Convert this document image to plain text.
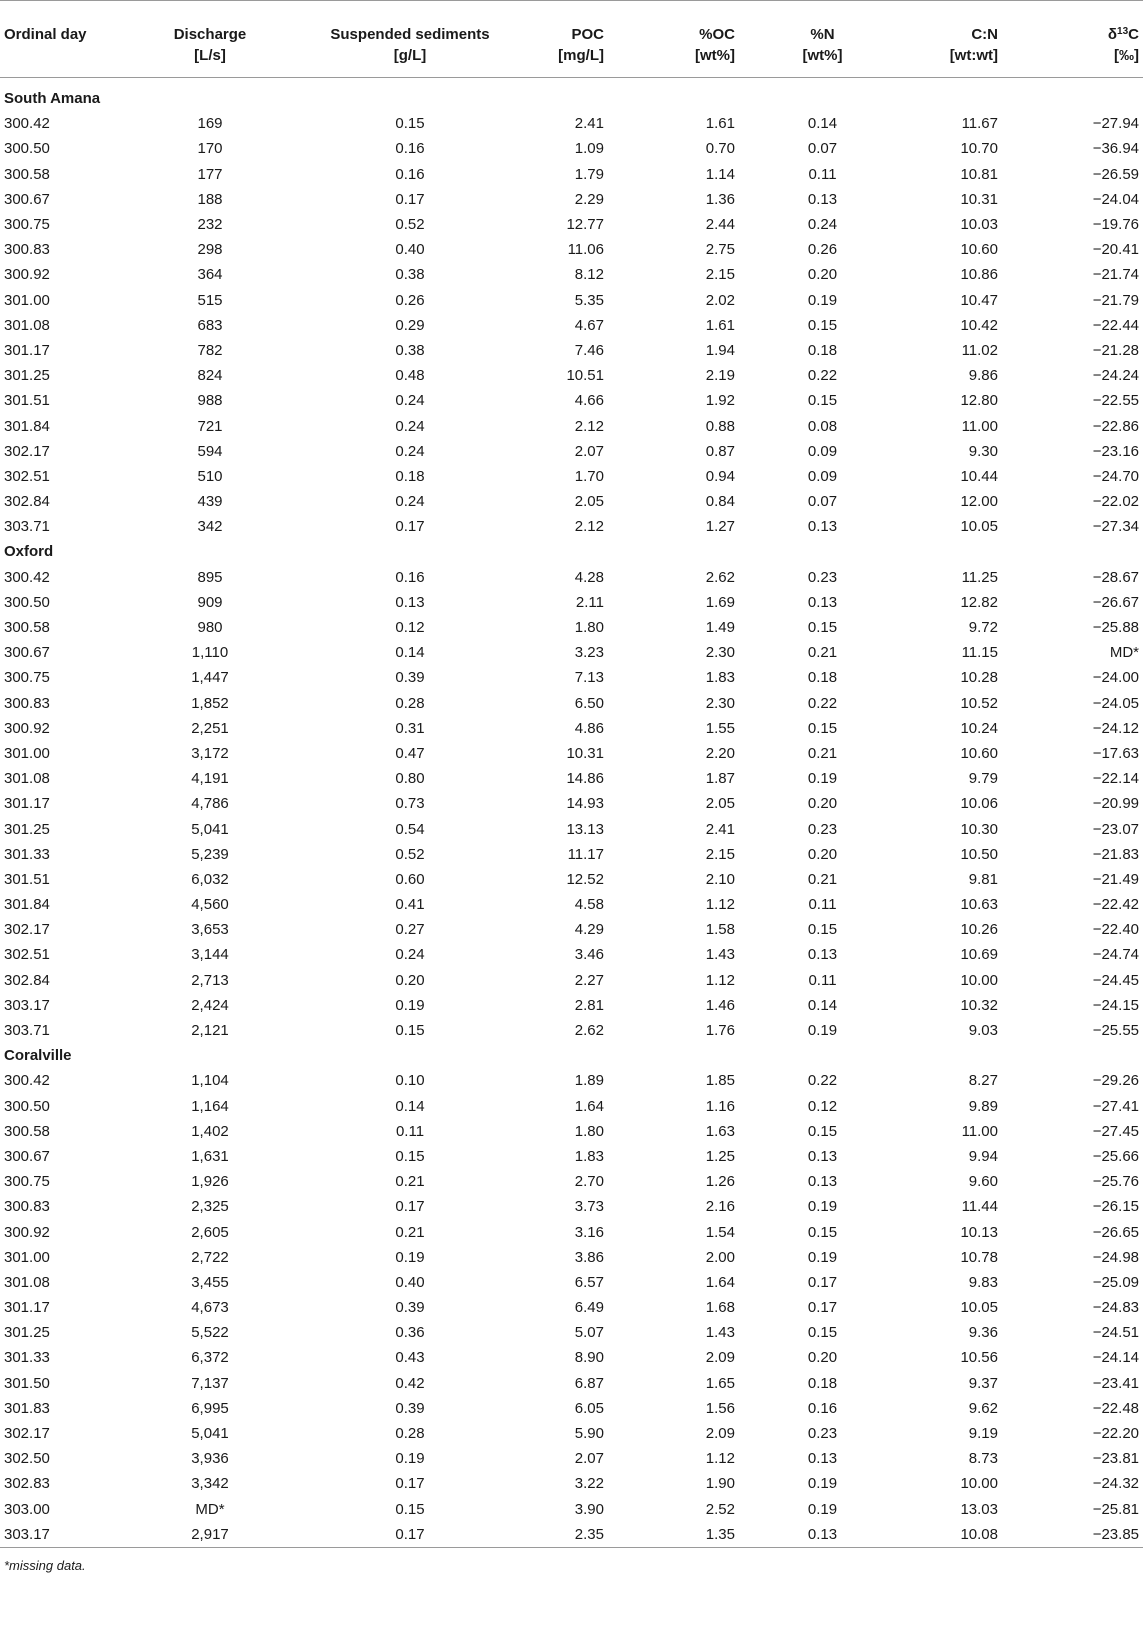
Ordinal day	Discharge	Suspended sediments	POC	%OC	%N	C:N	$\delta^{13}C$
	[L/s]	[g/L]	[mg/L]	[wt%]	[wt%]	[wt:wt]	[‰]

South Amana							
300.42	169	0.15	2.41	1.61	0.14	11.67	−27.94
300.50	170	0.16	1.09	0.70	0.07	10.70	−36.94
300.58	177	0.16	1.79	1.14	0.11	10.81	−26.59
300.67	188	0.17	2.29	1.36	0.13	10.31	−24.04
300.75	232	0.52	12.77	2.44	0.24	10.03	−19.76
300.83	298	0.40	11.06	2.75	0.26	10.60	−20.41
300.92	364	0.38	8.12	2.15	0.20	10.86	−21.74
301.00	515	0.26	5.35	2.02	0.19	10.47	−21.79
301.08	683	0.29	4.67	1.61	0.15	10.42	−22.44
301.17	782	0.38	7.46	1.94	0.18	11.02	−21.28
301.25	824	0.48	10.51	2.19	0.22	9.86	−24.24
301.51	988	0.24	4.66	1.92	0.15	12.80	−22.55
301.84	721	0.24	2.12	0.88	0.08	11.00	−22.86
302.17	594	0.24	2.07	0.87	0.09	9.30	−23.16
302.51	510	0.18	1.70	0.94	0.09	10.44	−24.70
302.84	439	0.24	2.05	0.84	0.07	12.00	−22.02
303.71	342	0.17	2.12	1.27	0.13	10.05	−27.34
Oxford							
300.42	895	0.16	4.28	2.62	0.23	11.25	−28.67
300.50	909	0.13	2.11	1.69	0.13	12.82	−26.67
300.58	980	0.12	1.80	1.49	0.15	9.72	−25.88
300.67	1,110	0.14	3.23	2.30	0.21	11.15	MD*
300.75	1,447	0.39	7.13	1.83	0.18	10.28	−24.00
300.83	1,852	0.28	6.50	2.30	0.22	10.52	−24.05
300.92	2,251	0.31	4.86	1.55	0.15	10.24	−24.12
301.00	3,172	0.47	10.31	2.20	0.21	10.60	−17.63
301.08	4,191	0.80	14.86	1.87	0.19	9.79	−22.14
301.17	4,786	0.73	14.93	2.05	0.20	10.06	−20.99
301.25	5,041	0.54	13.13	2.41	0.23	10.30	−23.07
301.33	5,239	0.52	11.17	2.15	0.20	10.50	−21.83
301.51	6,032	0.60	12.52	2.10	0.21	9.81	−21.49
301.84	4,560	0.41	4.58	1.12	0.11	10.63	−22.42
302.17	3,653	0.27	4.29	1.58	0.15	10.26	−22.40
302.51	3,144	0.24	3.46	1.43	0.13	10.69	−24.74
302.84	2,713	0.20	2.27	1.12	0.11	10.00	−24.45
303.17	2,424	0.19	2.81	1.46	0.14	10.32	−24.15
303.71	2,121	0.15	2.62	1.76	0.19	9.03	−25.55
Coralville							
300.42	1,104	0.10	1.89	1.85	0.22	8.27	−29.26
300.50	1,164	0.14	1.64	1.16	0.12	9.89	−27.41
300.58	1,402	0.11	1.80	1.63	0.15	11.00	−27.45
300.67	1,631	0.15	1.83	1.25	0.13	9.94	−25.66
300.75	1,926	0.21	2.70	1.26	0.13	9.60	−25.76
300.83	2,325	0.17	3.73	2.16	0.19	11.44	−26.15
300.92	2,605	0.21	3.16	1.54	0.15	10.13	−26.65
301.00	2,722	0.19	3.86	2.00	0.19	10.78	−24.98
301.08	3,455	0.40	6.57	1.64	0.17	9.83	−25.09
301.17	4,673	0.39	6.49	1.68	0.17	10.05	−24.83
301.25	5,522	0.36	5.07	1.43	0.15	9.36	−24.51
301.33	6,372	0.43	8.90	2.09	0.20	10.56	−24.14
301.50	7,137	0.42	6.87	1.65	0.18	9.37	−23.41
301.83	6,995	0.39	6.05	1.56	0.16	9.62	−22.48
302.17	5,041	0.28	5.90	2.09	0.23	9.19	−22.20
302.50	3,936	0.19	2.07	1.12	0.13	8.73	−23.81
302.83	3,342	0.17	3.22	1.90	0.19	10.00	−24.32
303.00	MD*	0.15	3.90	2.52	0.19	13.03	−25.81
303.17	2,917	0.17	2.35	1.35	0.13	10.08	−23.85
*missing data.
